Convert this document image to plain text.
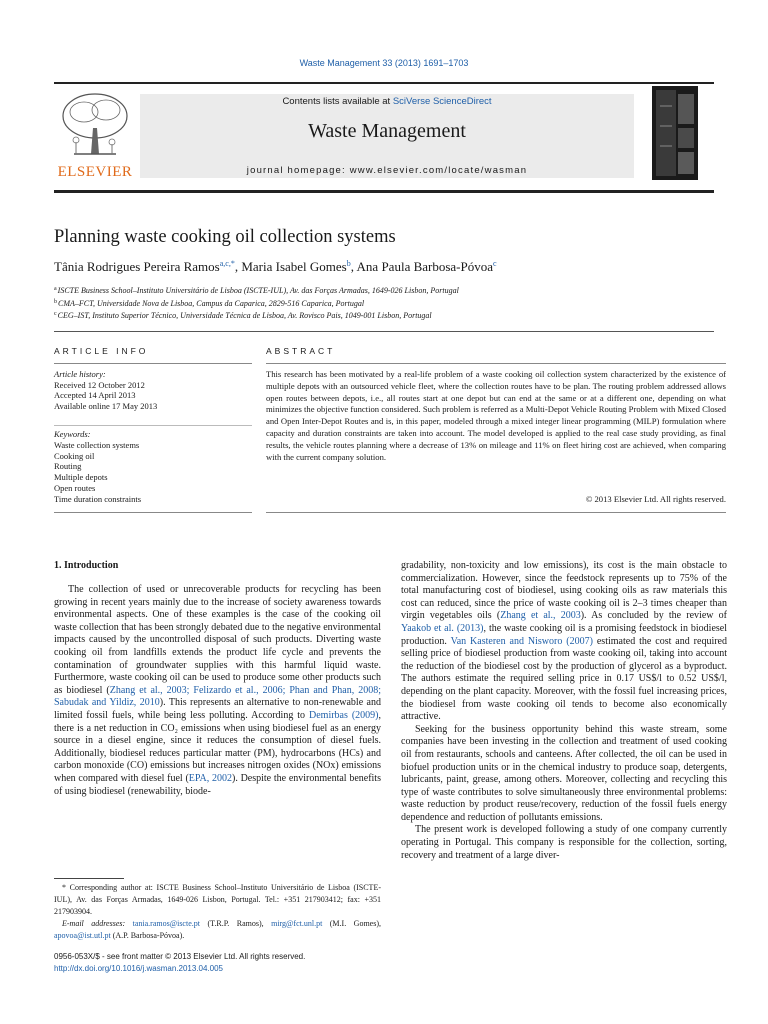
Waste Management 33 (2013) 1691–1703
ELSEVIER
Contents lists available at SciVerse ScienceDirect
Waste Management
journal homepage: www.elsevier.com/locate/wasman
Planning waste cooking oil collection systems
Tânia Rodrigues Pereira Ramos$^{a,c,*}$, Maria Isabel Gomes$^b$, Ana Paula Barbosa-Póvoa$^c$
$^a$ISCTE Business School–Instituto Universitário de Lisboa (ISCTE-IUL), Av. das Forças Armadas, 1649-026 Lisbon, Portugal
$^b$CMA–FCT, Universidade Nova de Lisboa, Campus da Caparica, 2829-516 Caparica, Portugal
$^c$CEG–IST, Instituto Superior Técnico, Universidade Técnica de Lisboa, Av. Rovisco Pais, 1049-001 Lisbon, Portugal
ARTICLE INFO	ABSTRACT
Article history:
Received 12 October 2012
Accepted 14 April 2013
Available online 17 May 2013
Keywords:
Waste collection systems
Cooking oil
Routing
Multiple depots
Open routes
Time duration constraints
This research has been motivated by a real-life problem of a waste cooking oil collection system characterized by the existence of multiple depots with an outsourced vehicle fleet, where the collection routes have to be plan. The routing problem addressed allows open routes between depots, i.e., all routes start at one depot but can end at the same or at a different one, depending on what minimizes the objective function considered. Such problem is referred as a Multi-Depot Vehicle Routing Problem with Mixed Closed and Open Inter-Depot Routes and is, in this paper, modeled through a mixed integer linear programming (MILP) formulation where capacity and duration constraints are taken into account. The model developed is applied to the real case study providing, as final results, the vehicle routes planning where a decrease of 13% on mileage and 11% on fleet hiring cost are achieved, when comparing with the current company solution.
© 2013 Elsevier Ltd. All rights reserved.
1. Introduction

The collection of used or unrecoverable products for recycling has been growing in recent years mainly due to the increase of society awareness towards environmental aspects. One of these examples is the case of the cooking oil waste collection that has been strongly debated due to the negative environmental impacts caused by the uncontrolled disposal of such products. Diverting waste cooking oil from landfills extends the product life cycle and prevents the contamination of groundwater supplies with this harmful liquid waste. Furthermore, waste cooking oil can be used to produce some other products such as biodiesel (Zhang et al., 2003; Felizardo et al., 2006; Phan and Phan, 2008; Sabudak and Yildiz, 2010). This represents an alternative to non-renewable and limited fossil fuels, while being less polluting. According to Demirbas (2009), there is a net reduction in CO₂ emissions when using biodiesel fuel as an energy source in a diesel engine, since it reduces the consumption of diesel fuels. Additionally, biodiesel reduces particular matter (PM), hydrocarbons (HCs) and carbon monoxide (CO) emissions but increases nitrogen oxides (NOx) emissions when compared with diesel fuel (EPA, 2002). Despite the environmental benefits of using biodiesel (renewability, biode-

gradability, non-toxicity and low emissions), its cost is the main obstacle to commercialization. However, since the feedstock represents up to 75% of the total manufacturing cost of biodiesel, using cooking oils as raw materials this cost can reduced, since the price of waste cooking oil is 2–3 times cheaper than virgin vegetables oils (Zhang et al., 2003). As concluded by the review of Yaakob et al. (2013), the waste cooking oil is a promising feedstock in biodiesel production. Van Kasteren and Nisworo (2007) estimated the cost and required selling price of biodiesel production from waste cooking oil, taking into account the reduction of the biodiesel cost by the production of glycerol as a byproduct. The authors estimate the required selling price in 0.17 US$/l to 0.52 US$/l, depending on the plant capacity. Moreover, with the fossil fuel increasing prices, the biodiesel from waste cooking oil tends to become also economically attractive.

Seeking for the business opportunity behind this waste stream, some companies have been investing in the collection and treatment of used cooking oil from restaurants, schools and canteens. After collected, the oil can be used in biofuel production units or in the chemical industry to produce soap, detergents, lubricants, paint, grease, among others. Moreover, collecting and recycling this type of waste contributes to solve simultaneously three environmental problems: waste reduction by product reuse/recovery, reduction of the fossil fuels energy dependence and reduction of pollutants emissions.

The present work is developed following a study of one company currently operating in Portugal. This company is responsible for the collection, sorting, recovery and treatment of a large diver-

* Corresponding author at: ISCTE Business School–Instituto Universitário de Lisboa (ISCTE-IUL), Av. das Forças Armadas, 1649-026 Lisbon, Portugal. Tel.: +351 217903412; fax: +351 217903904.

E-mail addresses: tania.ramos@iscte.pt (T.R.P. Ramos), mirg@fct.unl.pt (M.I. Gomes), apovoa@ist.utl.pt (A.P. Barbosa-Póvoa).

0956-053X/$ - see front matter © 2013 Elsevier Ltd. All rights reserved.
http://dx.doi.org/10.1016/j.wasman.2013.04.005
